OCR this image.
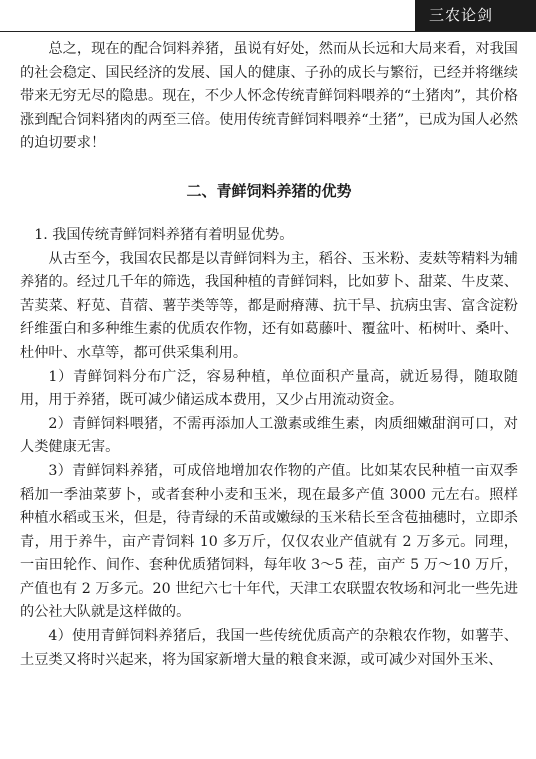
三农论剑

总之，现在的配合饲料养猪，虽说有好处，然而从长远和大局来看，对我国的社会稳定、国民经济的发展、国人的健康、子孙的成长与繁衍，已经并将继续带来无穷无尽的隐患。现在，不少人怀念传统青鲜饲料喂养的“土猪肉”，其价格涨到配合饲料猪肉的两至三倍。使用传统青鲜饲料喂养“土猪”，已成为国人必然的迫切要求！

二、青鲜饲料养猪的优势

1. 我国传统青鲜饲料养猪有着明显优势。

从古至今，我国农民都是以青鲜饲料为主，稻谷、玉米粉、麦麸等精料为辅养猪的。经过几千年的筛选，我国种植的青鲜饲料，比如萝卜、甜菜、牛皮菜、苦荬菜、籽苋、苜蓿、薯芋类等等，都是耐瘠薄、抗干旱、抗病虫害、富含淀粉纤维蛋白和多种维生素的优质农作物，还有如葛藤叶、覆盆叶、柘树叶、桑叶、杜仲叶、水草等，都可供采集利用。

1）青鲜饲料分布广泛，容易种植，单位面积产量高，就近易得，随取随用，用于养猪，既可减少储运成本费用，又少占用流动资金。

2）青鲜饲料喂猪，不需再添加人工激素或维生素，肉质细嫩甜润可口，对人类健康无害。

3）青鲜饲料养猪，可成倍地增加农作物的产值。比如某农民种植一亩双季稻加一季油菜萝卜，或者套种小麦和玉米，现在最多产值 3000 元左右。照样种植水稻或玉米，但是，待青绿的禾苗或嫩绿的玉米秸长至含苞抽穗时，立即杀青，用于养牛，亩产青饲料 10 多万斤，仅仅农业产值就有 2 万多元。同理，一亩田轮作、间作、套种优质猪饲料，每年收 3～5 茬，亩产 5 万～10 万斤，产值也有 2 万多元。20 世纪六七十年代，天津工农联盟农牧场和河北一些先进的公社大队就是这样做的。

4）使用青鲜饲料养猪后，我国一些传统优质高产的杂粮农作物，如薯芋、土豆类又将时兴起来，将为国家新增大量的粮食来源，或可减少对国外玉米、
